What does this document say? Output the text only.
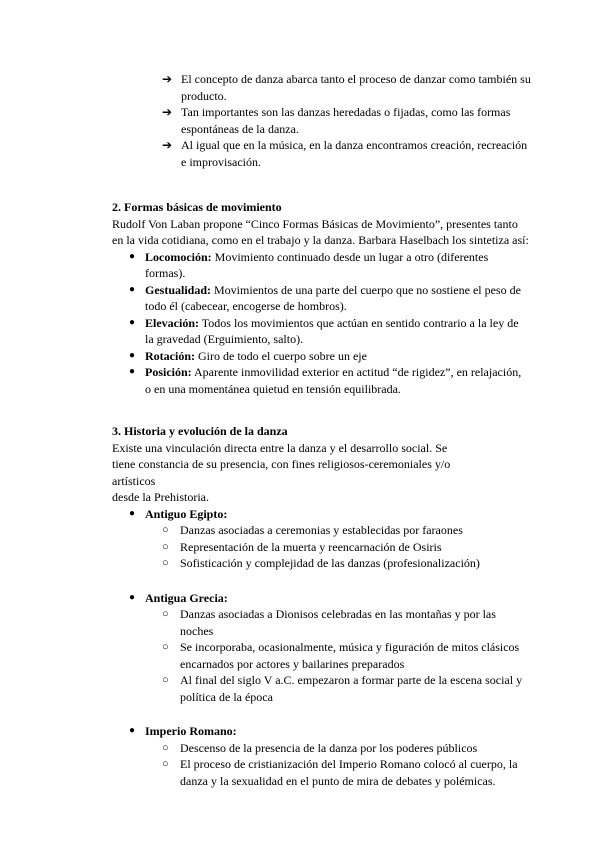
➔ El concepto de danza abarca tanto el proceso de danzar como también su producto.
➔ Tan importantes son las danzas heredadas o fijadas, como las formas espontáneas de la danza.
➔ Al igual que en la música, en la danza encontramos creación, recreación e improvisación.
2. Formas básicas de movimiento

Rudolf Von Laban propone “Cinco Formas Básicas de Movimiento”, presentes tanto en la vida cotidiana, como en el trabajo y la danza. Barbara Haselbach los sintetiza así:

● Locomoción: Movimiento continuado desde un lugar a otro (diferentes formas).
● Gestualidad: Movimientos de una parte del cuerpo que no sostiene el peso de todo él (cabecear, encogerse de hombros).
● Elevación: Todos los movimientos que actúan en sentido contrario a la ley de la gravedad (Erguimiento, salto).
● Rotación: Giro de todo el cuerpo sobre un eje
● Posición: Aparente inmovilidad exterior en actitud “de rigidez”, en relajación, o en una momentánea quietud en tensión equilibrada.
3. Historia y evolución de la danza

Existe una vinculación directa entre la danza y el desarrollo social. Se tiene constancia de su presencia, con fines religiosos-ceremoniales y/o artísticos

desde la Prehistoria.

● Antiguo Egipto:
○ Danzas asociadas a ceremonias y establecidas por faraones
○ Representación de la muerta y reencarnación de Osiris
○ Sofisticación y complejidad de las danzas (profesionalización)
● Antigua Grecia:
○ Danzas asociadas a Dionisos celebradas en las montañas y por las noches
○ Se incorporaba, ocasionalmente, música y figuración de mitos clásicos encarnados por actores y bailarines preparados
○ Al final del siglo V a.C. empezaron a formar parte de la escena social y política de la época
● Imperio Romano:
○ Descenso de la presencia de la danza por los poderes públicos
○ El proceso de cristianización del Imperio Romano colocó al cuerpo, la danza y la sexualidad en el punto de mira de debates y polémicas.
